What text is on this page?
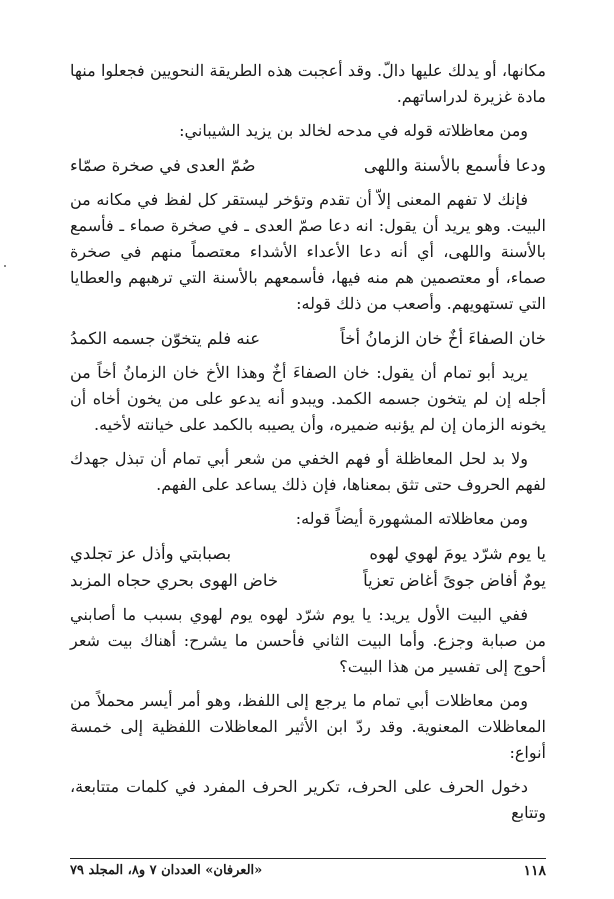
مكانها، أو يدلك عليها دالّ. وقد أعجبت هذه الطريقة النحويين فجعلوا منها مادة غزيرة لدراساتهم.

ومن معاظلاته قوله في مدحه لخالد بن يزيد الشيباني:

ودعا فأسمع بالأسنة واللهى
صُمّ العدى في صخرة صمّاء

فإنك لا تفهم المعنى إلاّ أن تقدم وتؤخر ليستقر كل لفظ في مكانه من البيت. وهو يريد أن يقول: انه دعا صمّ العدى ـ في صخرة صماء ـ فأسمع بالأسنة واللهى، أي أنه دعا الأعداء الأشداء معتصماً منهم في صخرة صماء، أو معتصمين هم منه فيها، فأسمعهم بالأسنة التي ترهبهم والعطايا التي تستهويهم. وأصعب من ذلك قوله:

خان الصفاءَ أخٌ خان الزمانُ أخاً
عنه فلم يتخوّن جسمه الكمدُ

يريد أبو تمام أن يقول: خان الصفاءَ أخٌ وهذا الأخ خان الزمانُ أخاً من أجله إن لم يتخون جسمه الكمد. ويبدو أنه يدعو على من يخون أخاه أن يخونه الزمان إن لم يؤنبه ضميره، وأن يصيبه بالكمد على خيانته لأخيه.

ولا بد لحل المعاظلة أو فهم الخفي من شعر أبي تمام أن تبذل جهدك لفهم الحروف حتى تثق بمعناها، فإن ذلك يساعد على الفهم.

ومن معاظلاته المشهورة أيضاً قوله:

يا يوم شرّد يومَ لهوي لهوه
بصبابتي وأذل عز تجلدي
يومٌ أفاض جوىً أغاض تعزياً
خاض الهوى بحري حجاه المزبد

ففي البيت الأول يريد: يا يوم شرّد لهوه يوم لهوي بسبب ما أصابني من صبابة وجزع. وأما البيت الثاني فأحسن ما يشرح: أهناك بيت شعر أحوج إلى تفسير من هذا البيت؟

ومن معاظلات أبي تمام ما يرجع إلى اللفظ، وهو أمر أيسر محملاً من المعاظلات المعنوية. وقد ردّ ابن الأثير المعاظلات اللفظية إلى خمسة أنواع:

دخول الحرف على الحرف، تكرير الحرف المفرد في كلمات متتابعة، وتتابع

١١٨
«العرفان» العددان ٧ و٨، المجلد ٧٩
